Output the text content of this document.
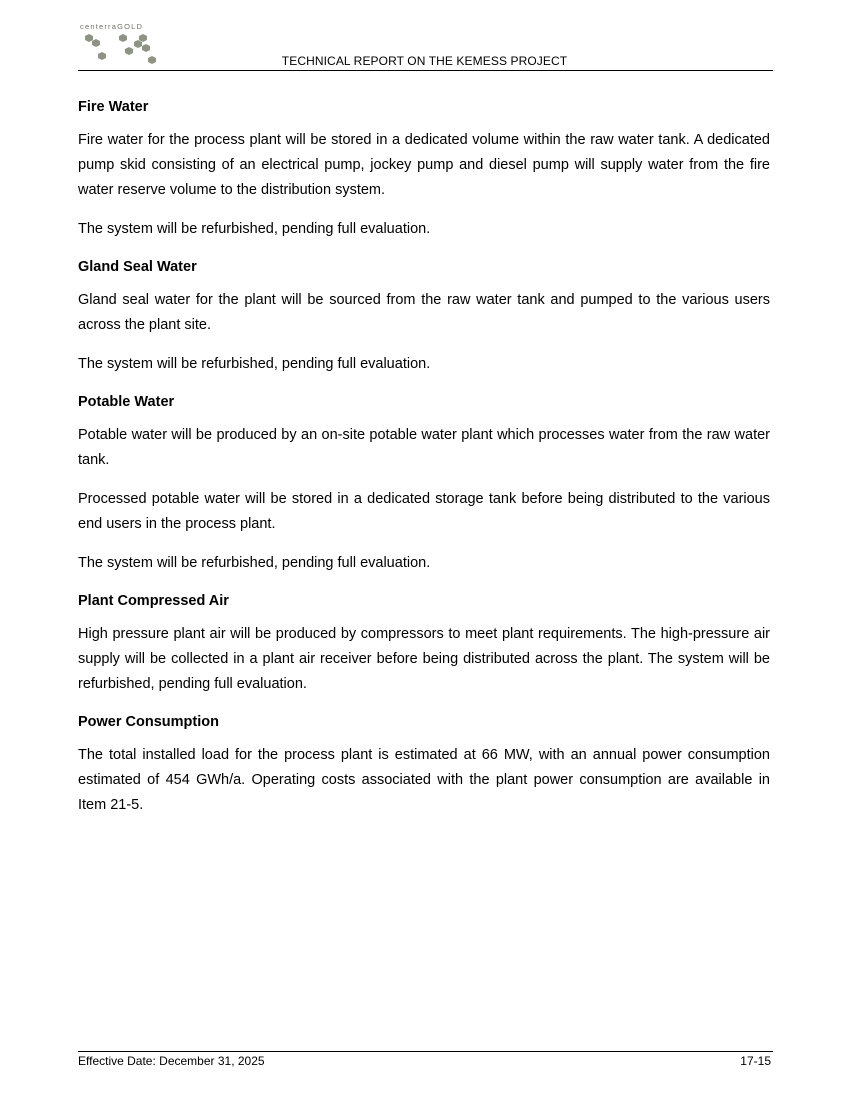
centerraGOLD
TECHNICAL REPORT ON THE KEMESS PROJECT
Fire Water

Fire water for the process plant will be stored in a dedicated volume within the raw water tank. A dedicated pump skid consisting of an electrical pump, jockey pump and diesel pump will supply water from the fire water reserve volume to the distribution system.

The system will be refurbished, pending full evaluation.

Gland Seal Water

Gland seal water for the plant will be sourced from the raw water tank and pumped to the various users across the plant site.

The system will be refurbished, pending full evaluation.

Potable Water

Potable water will be produced by an on-site potable water plant which processes water from the raw water tank.

Processed potable water will be stored in a dedicated storage tank before being distributed to the various end users in the process plant.

The system will be refurbished, pending full evaluation.

Plant Compressed Air

High pressure plant air will be produced by compressors to meet plant requirements. The high-pressure air supply will be collected in a plant air receiver before being distributed across the plant. The system will be refurbished, pending full evaluation.

Power Consumption

The total installed load for the process plant is estimated at 66 MW, with an annual power consumption estimated of 454 GWh/a. Operating costs associated with the plant power consumption are available in Item 21-5.

Effective Date: December 31, 2025	17-15
